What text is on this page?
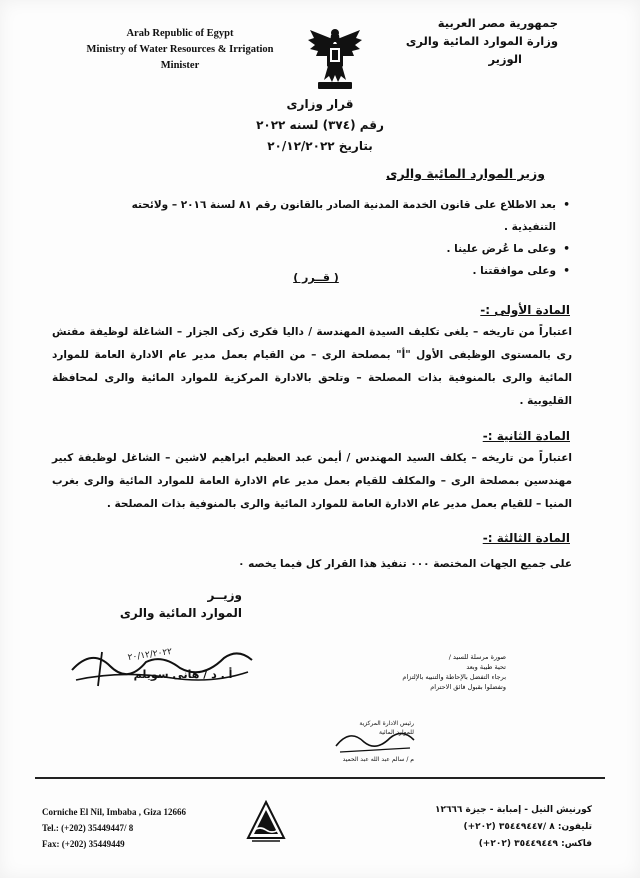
جمهورية مصر العربية
وزارة الموارد المائية والرى
الوزير
Arab Republic of Egypt
Ministry of Water Resources & Irrigation
Minister
قرار وزارى
رقم (٣٧٤) لسنه ٢٠٢٢
بتاريخ ٢٠/١٢/٢٠٢٢
وزير الموارد المائية والرى
• بعد الاطلاع على قانون الخدمة المدنية الصادر بالقانون رقم ٨١ لسنة ٢٠١٦ – ولائحته التنفيذية .
• وعلى ما عُرض علينا .
• وعلى موافقتنا .
( قــرر )
المادة الأولى :-
اعتباراً من تاريخه – يلغى تكليف السيدة المهندسة / داليا فكرى زكى الجزار – الشاغلة لوظيفة مفتش رى بالمستوى الوظيفى الأول "أ" بمصلحة الرى – من القيام بعمل مدير عام الادارة العامة للموارد المائية والرى بالمنوفية بذات المصلحة – وتلحق بالادارة المركزية للموارد المائية والرى لمحافظة القليوبية .
المادة الثانية :-
اعتباراً من تاريخه – يكلف السيد المهندس / أيمن عبد العظيم ابراهيم لاشين – الشاغل لوظيفة كبير مهندسين بمصلحة الرى – والمكلف للقيام بعمل مدير عام الادارة العامة للموارد المائية والرى بغرب المنيا – للقيام بعمل مدير عام الادارة العامة للموارد المائية والرى بالمنوفية بذات المصلحة .
المادة الثالثة :-
على جميع الجهات المختصة ٠٠٠ تنفيذ هذا القرار كل فيما يخصه ٠
وزيــر
الموارد المائية والرى
٢٠/١٢/٢٠٢٢
أ . د / هانى سويلم
صورة مرسلة للسيد /
تحية طيبة وبعد
برجاء التفضل بالإحاطة والتنبيه بالإلتزام
وتفضلوا بقبول فائق الاحترام
رئيس الادارة المركزية
للموارد المائية
م / سالم عبد الله عبد الحميد
Corniche El Nil, Imbaba , Giza 12666
Tel.: (+202) 35449447/ 8
Fax: (+202) 35449449
كورنيش النيل - إمبابة - جيزة ١٢٦٦٦
تليفون: ٨ /٣٥٤٤٩٤٤٧ (٢٠٢+)
فاكس: ٣٥٤٤٩٤٤٩ (٢٠٢+)
